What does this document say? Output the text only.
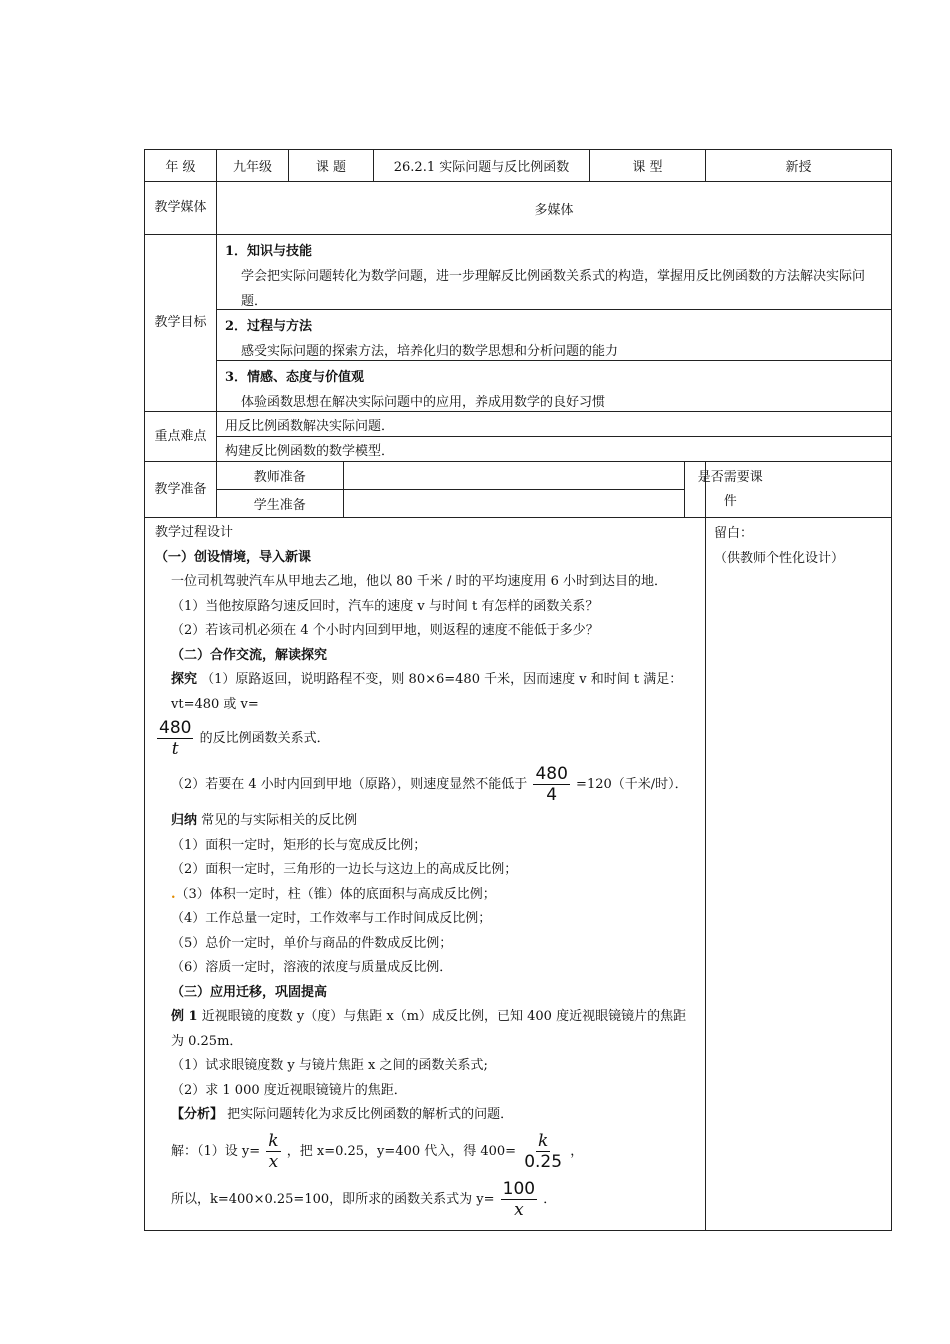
年 级	九年级	课 题	26.2.1 实际问题与反比例函数	课 型	新授
教学媒体	多媒体
教学目标	
1．知识与技能
学会把实际问题转化为数学问题，进一步理解反比例函数关系式的构造，掌握用反比例函数的方法解决实际问题．
2．过程与方法
感受实际问题的探索方法，培养化归的数学思想和分析问题的能力
3．情感、态度与价值观
体验函数思想在解决实际问题中的应用，养成用数学的良好习惯

重点难点	用反比例函数解决实际问题．
构建反比例函数的数学模型．
教学准备	
教师准备		是否需要课件
学生准备	

教学过程设计

（一）创设情境，导入新课

一位司机驾驶汽车从甲地去乙地，他以 80 千米 / 时的平均速度用 6 小时到达目的地．

（1）当他按原路匀速反回时，汽车的速度 v 与时间 t 有怎样的函数关系？

（2）若该司机必须在 4 个小时内回到甲地，则返程的速度不能低于多少？

（二）合作交流，解读探究

探究 （1）原路返回，说明路程不变，则 80×6=480 千米，因而速度 v 和时间 t 满足：vt=480 或 v=

$\frac{480}{t}$ 的反比例函数关系式．

（2）若要在 4 小时内回到甲地（原路），则速度显然不能低于 $\frac{480}{4} =120$（千米/时）．

归纳 常见的与实际相关的反比例

（1）面积一定时，矩形的长与宽成反比例；

（2）面积一定时，三角形的一边长与这边上的高成反比例；

.（3）体积一定时，柱（锥）体的底面积与高成反比例；

（4）工作总量一定时，工作效率与工作时间成反比例；

（5）总价一定时，单价与商品的件数成反比例；

（6）溶质一定时，溶液的浓度与质量成反比例．

（三）应用迁移，巩固提高

例 1 近视眼镜的度数 y（度）与焦距 x（m）成反比例，已知 400 度近视眼镜镜片的焦距为 0.25m．

（1）试求眼镜度数 y 与镜片焦距 x 之间的函数关系式;

（2）求 1 000 度近视眼镜镜片的焦距．

【分析】 把实际问题转化为求反比例函数的解析式的问题．

解：（1）设 $y= \frac{k}{x}$ ，把 x=0.25，y=400 代入，得 $400= \frac{k}{0.25}$ ，

所以，k=400×0.25=100，即所求的函数关系式为 $y= \frac{100}{x}$ ．

留白：
（供教师个性化设计）
